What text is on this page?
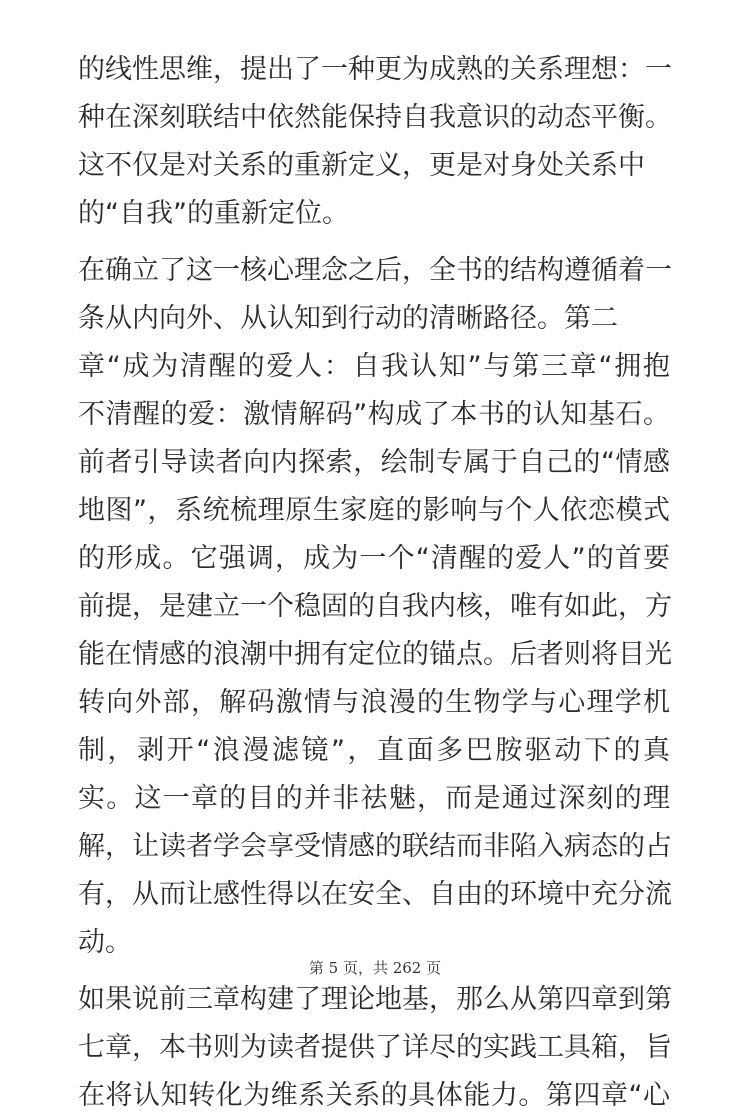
的线性思维，提出了一种更为成熟的关系理想：一
种在深刻联结中依然能保持自我意识的动态平衡。
这不仅是对关系的重新定义，更是对身处关系中
的“自我”的重新定位。
在确立了这一核心理念之后，全书的结构遵循着一
条从内向外、从认知到行动的清晰路径。第二
章“成为清醒的爱人：自我认知”与第三章“拥抱
不清醒的爱：激情解码”构成了本书的认知基石。
前者引导读者向内探索，绘制专属于自己的“情感
地图”，系统梳理原生家庭的影响与个人依恋模式
的形成。它强调，成为一个“清醒的爱人”的首要
前提，是建立一个稳固的自我内核，唯有如此，方
能在情感的浪潮中拥有定位的锚点。后者则将目光
转向外部，解码激情与浪漫的生物学与心理学机
制，剥开“浪漫滤镜”，直面多巴胺驱动下的真
实。这一章的目的并非祛魅，而是通过深刻的理
解，让读者学会享受情感的联结而非陷入病态的占
有，从而让感性得以在安全、自由的环境中充分流
动。
如果说前三章构建了理论地基，那么从第四章到第
七章，本书则为读者提供了详尽的实践工具箱，旨
在将认知转化为维系关系的具体能力。第四章“心
第 5 页，共 262 页
